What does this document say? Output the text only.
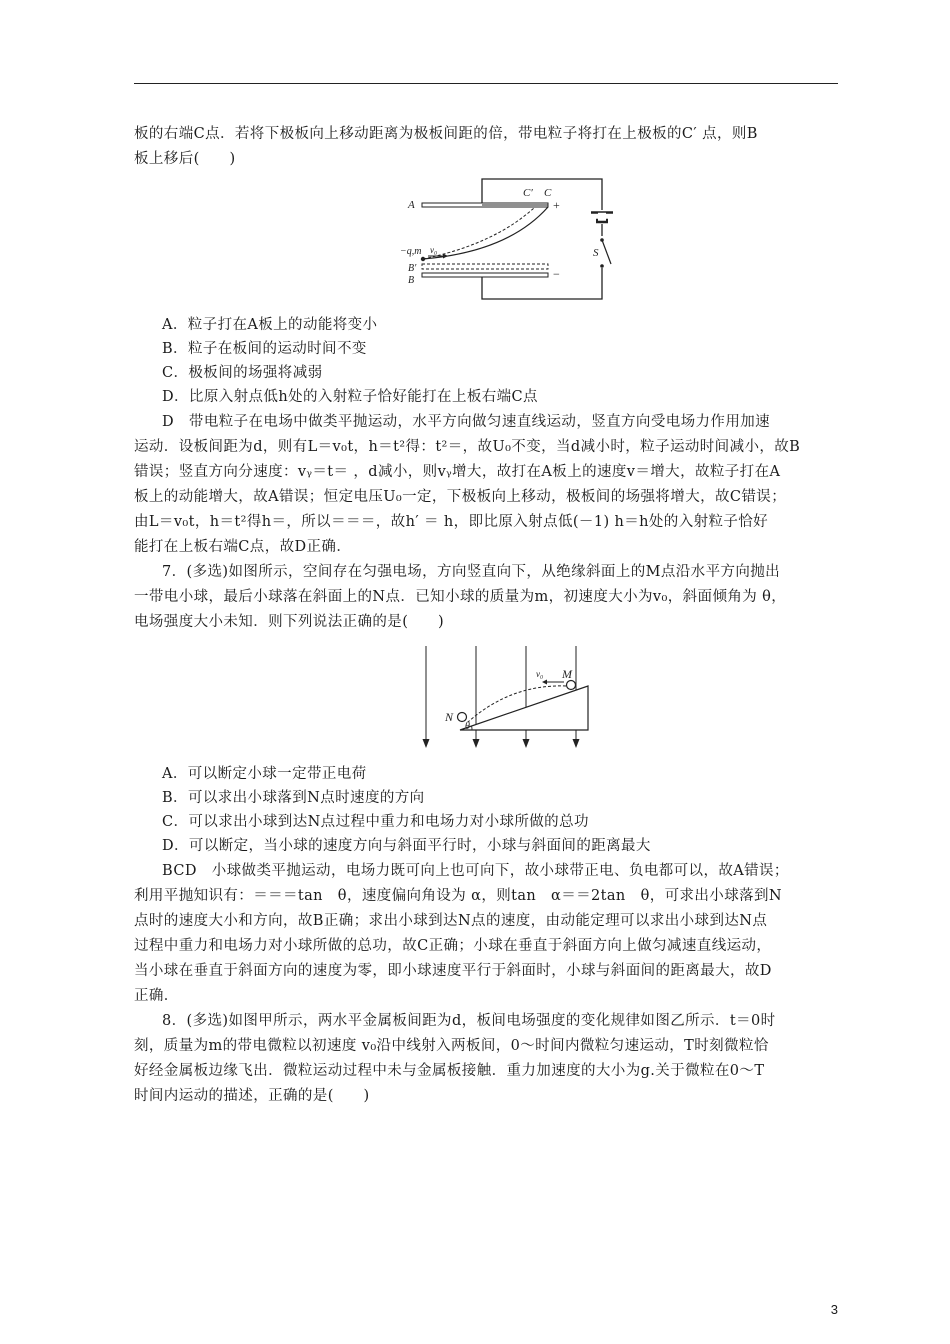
板的右端C点．若将下极板向上移动距离为极板间距的倍，带电粒子将打在上极板的C′ 点，则B
板上移后(　　)
A
C′ C
+
−
−q,m v₀
B′
B
S
A．粒子打在A板上的动能将变小
B．粒子在板间的运动时间不变
C．极板间的场强将减弱
D．比原入射点低h处的入射粒子恰好能打在上板右端C点
D　带电粒子在电场中做类平抛运动，水平方向做匀速直线运动，竖直方向受电场力作用加速
运动．设板间距为d，则有L＝v₀t，h＝t²得：t²＝，故U₀不变，当d减小时，粒子运动时间减小，故B
错误；竖直方向分速度：vᵧ＝t＝ ，d减小，则vᵧ增大，故打在A板上的速度v＝增大，故粒子打在A
板上的动能增大，故A错误；恒定电压U₀一定，下极板向上移动，极板间的场强将增大，故C错误；
由L＝v₀t，h＝t²得h＝，所以＝＝＝，故h′ ＝ h，即比原入射点低(－1) h＝h处的入射粒子恰好
能打在上板右端C点，故D正确．
7．(多选)如图所示，空间存在匀强电场，方向竖直向下，从绝缘斜面上的M点沿水平方向抛出
一带电小球，最后小球落在斜面上的N点．已知小球的质量为m，初速度大小为v₀，斜面倾角为 θ，
电场强度大小未知．则下列说法正确的是(　　)
v₀ M
N
θ
A．可以断定小球一定带正电荷
B．可以求出小球落到N点时速度的方向
C．可以求出小球到达N点过程中重力和电场力对小球所做的总功
D．可以断定，当小球的速度方向与斜面平行时，小球与斜面间的距离最大
BCD　小球做类平抛运动，电场力既可向上也可向下，故小球带正电、负电都可以，故A错误；
利用平抛知识有：＝＝＝tan　θ，速度偏向角设为 α，则tan　α＝＝2tan　θ，可求出小球落到N
点时的速度大小和方向，故B正确；求出小球到达N点的速度，由动能定理可以求出小球到达N点
过程中重力和电场力对小球所做的总功，故C正确；小球在垂直于斜面方向上做匀减速直线运动，
当小球在垂直于斜面方向的速度为零，即小球速度平行于斜面时，小球与斜面间的距离最大，故D
正确．
8．(多选)如图甲所示，两水平金属板间距为d，板间电场强度的变化规律如图乙所示．t＝0时
刻，质量为m的带电微粒以初速度 v₀沿中线射入两板间，0～时间内微粒匀速运动，T时刻微粒恰
好经金属板边缘飞出．微粒运动过程中未与金属板接触．重力加速度的大小为g.关于微粒在0～T
时间内运动的描述，正确的是(　　)
3
